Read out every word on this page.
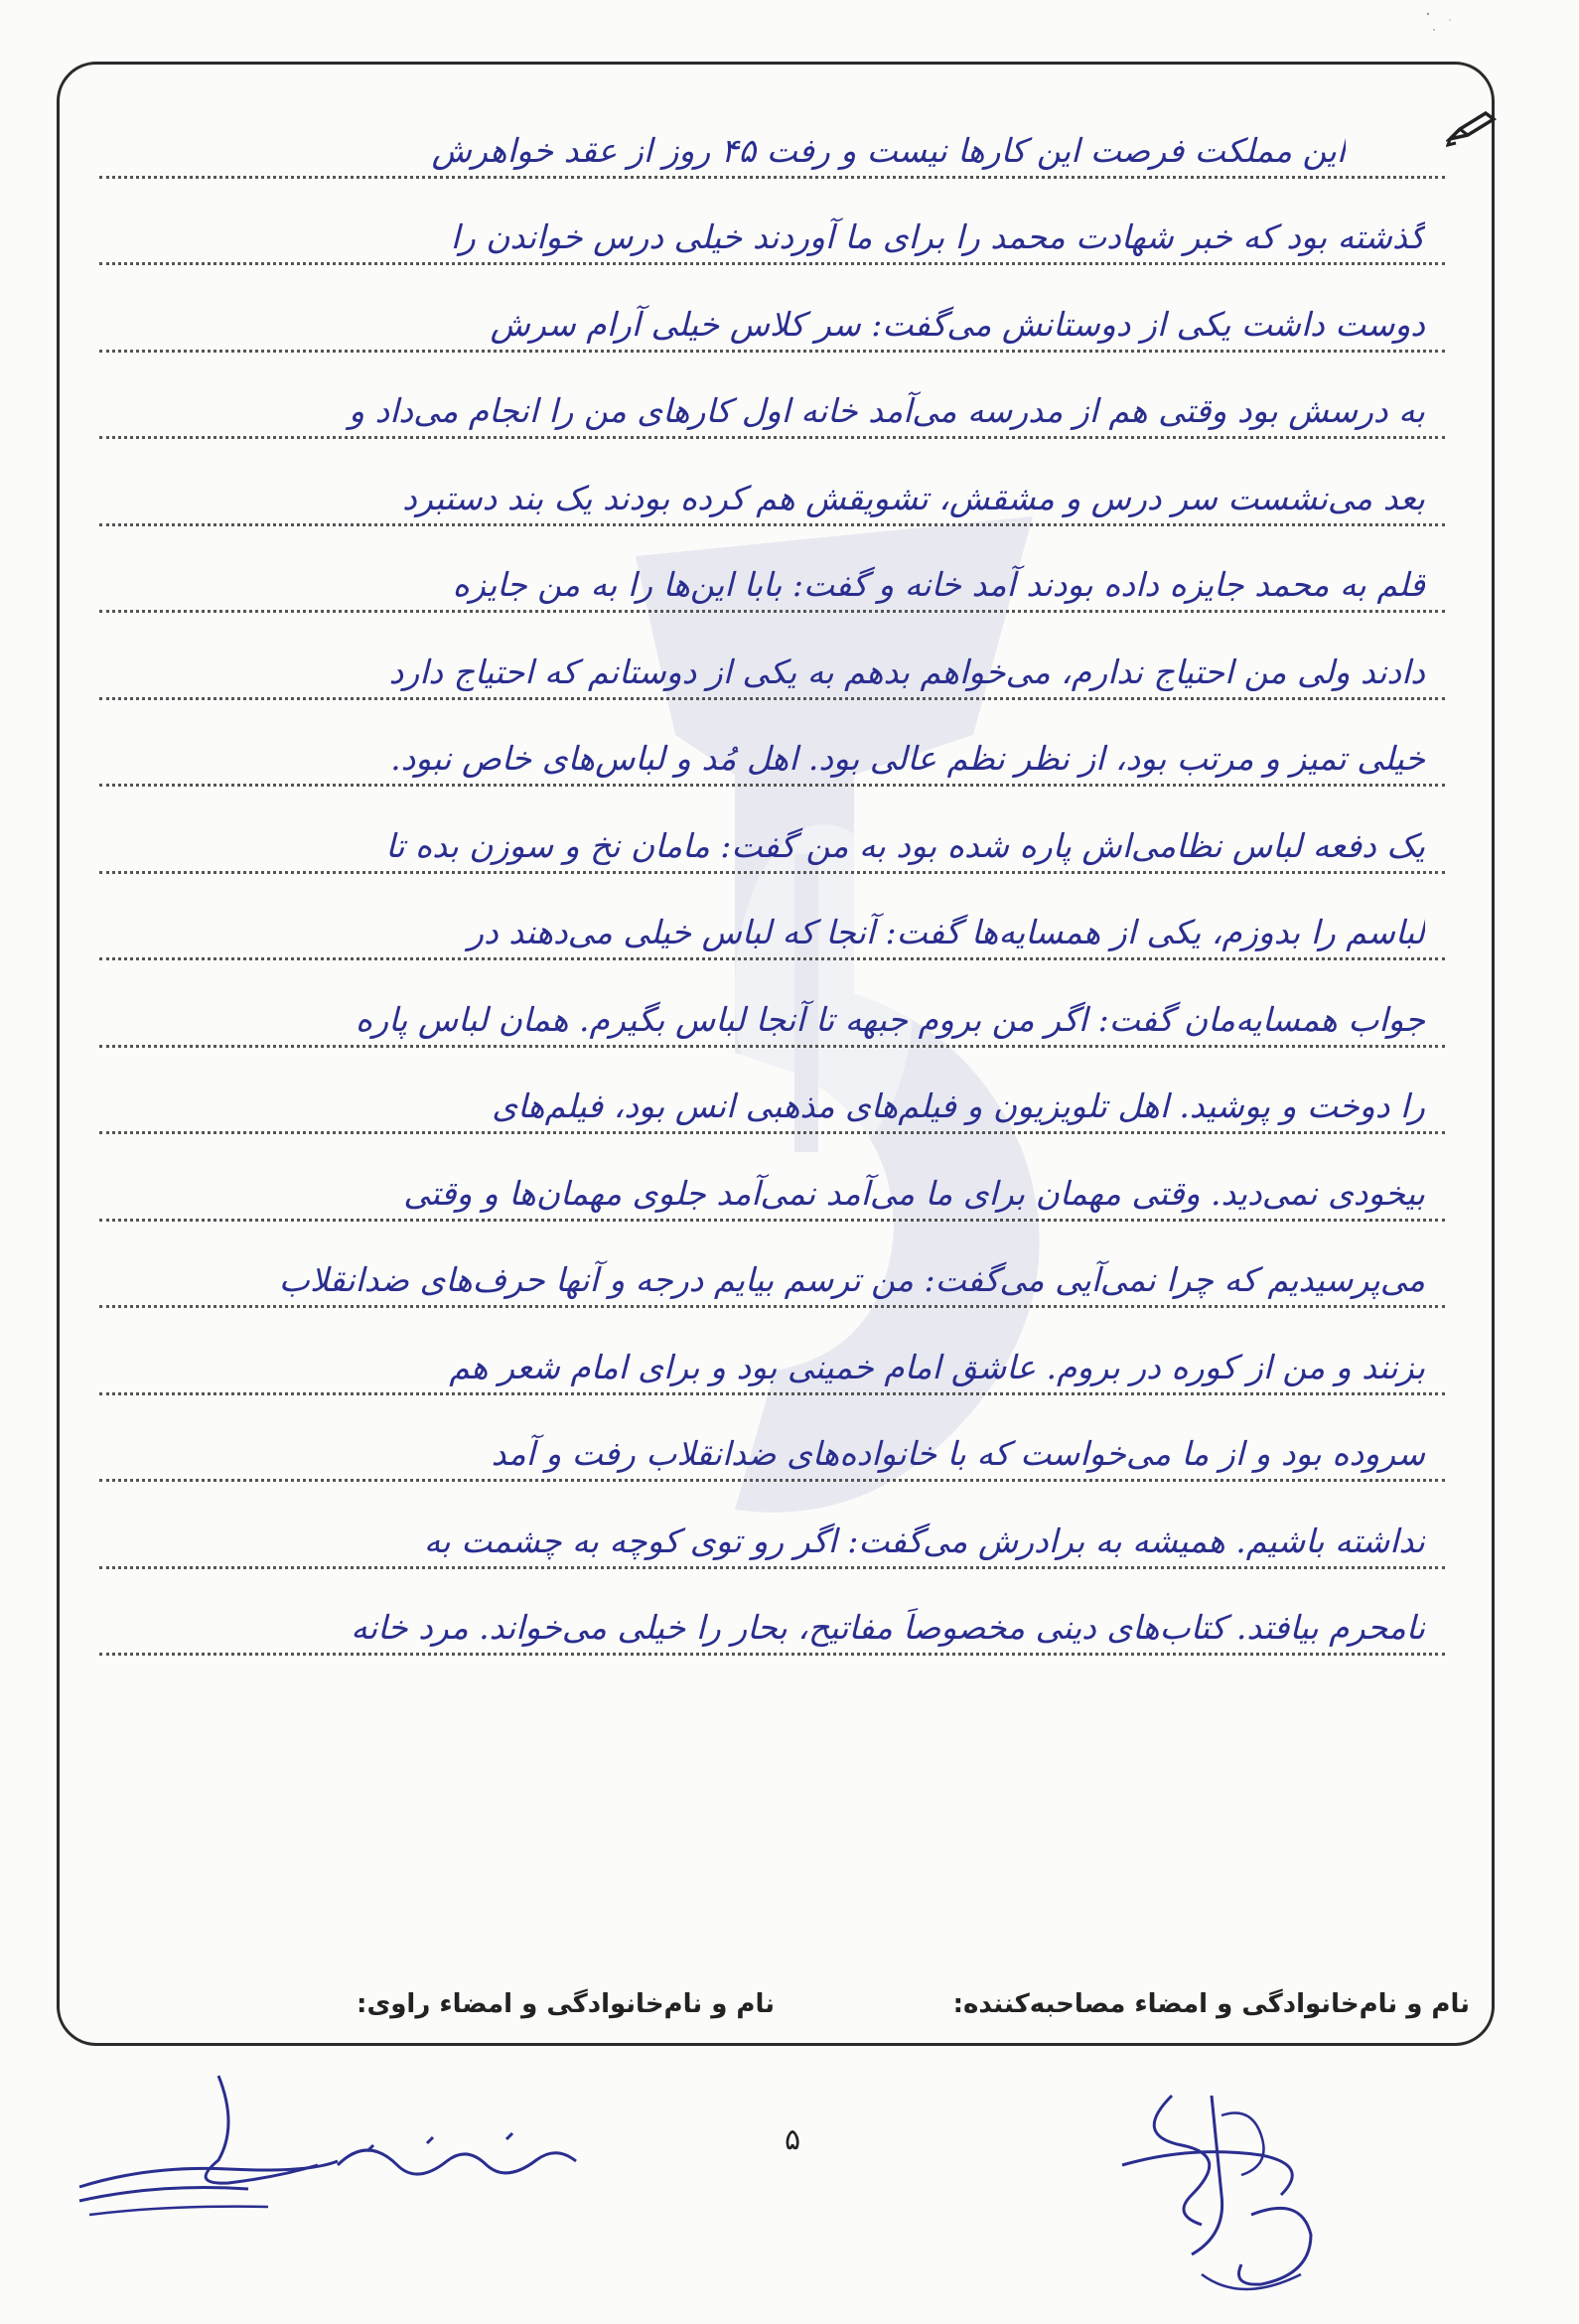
این مملکت فرصت این کارها نیست و رفت ۴۵ روز از عقد خواهرش
گذشته بود که خبر شهادت محمد را برای ما آوردند خیلی درس خواندن را
دوست داشت یکی از دوستانش می‌گفت: سر کلاس خیلی آرام سرش
به درسش بود وقتی هم از مدرسه می‌آمد خانه اول کارهای من را انجام می‌داد و
بعد می‌نشست سر درس و مشقش، تشویقش هم کرده بودند یک بند دستبرد
قلم به محمد جایزه داده بودند آمد خانه و گفت: بابا این‌ها را به من جایزه
دادند ولی من احتیاج ندارم، می‌خواهم بدهم به یکی از دوستانم که احتیاج دارد
خیلی تمیز و مرتب بود، از نظر نظم عالی بود. اهل مُد و لباس‌های خاص نبود.
یک دفعه لباس نظامی‌اش پاره شده بود به من گفت: مامان نخ و سوزن بده تا
لباسم را بدوزم، یکی از همسایه‌ها گفت: آنجا که لباس خیلی می‌دهند در
جواب همسایه‌مان گفت: اگر من بروم جبهه تا آنجا لباس بگیرم. همان لباس پاره
را دوخت و پوشید. اهل تلویزیون و فیلم‌های مذهبی انس بود، فیلم‌های
بیخودی نمی‌دید. وقتی مهمان برای ما می‌آمد نمی‌آمد جلوی مهمان‌ها و وقتی
می‌پرسیدیم که چرا نمی‌آیی می‌گفت: من ترسم بیایم درجه و آنها حرف‌های ضدانقلاب
بزنند و من از کوره در بروم. عاشق امام خمینی بود و برای امام شعر هم
سروده بود و از ما می‌خواست که با خانواده‌های ضدانقلاب رفت و آمد
نداشته باشیم. همیشه به برادرش می‌گفت: اگر رو توی کوچه به چشمت به
نامحرم بیافتد. کتاب‌های دینی مخصوصاً مفاتیح، بحار را خیلی می‌خواند. مرد خانه
نام و نام‌خانوادگی و امضاء مصاحبه‌کننده:
نام و نام‌خانوادگی و امضاء راوی:
۵
